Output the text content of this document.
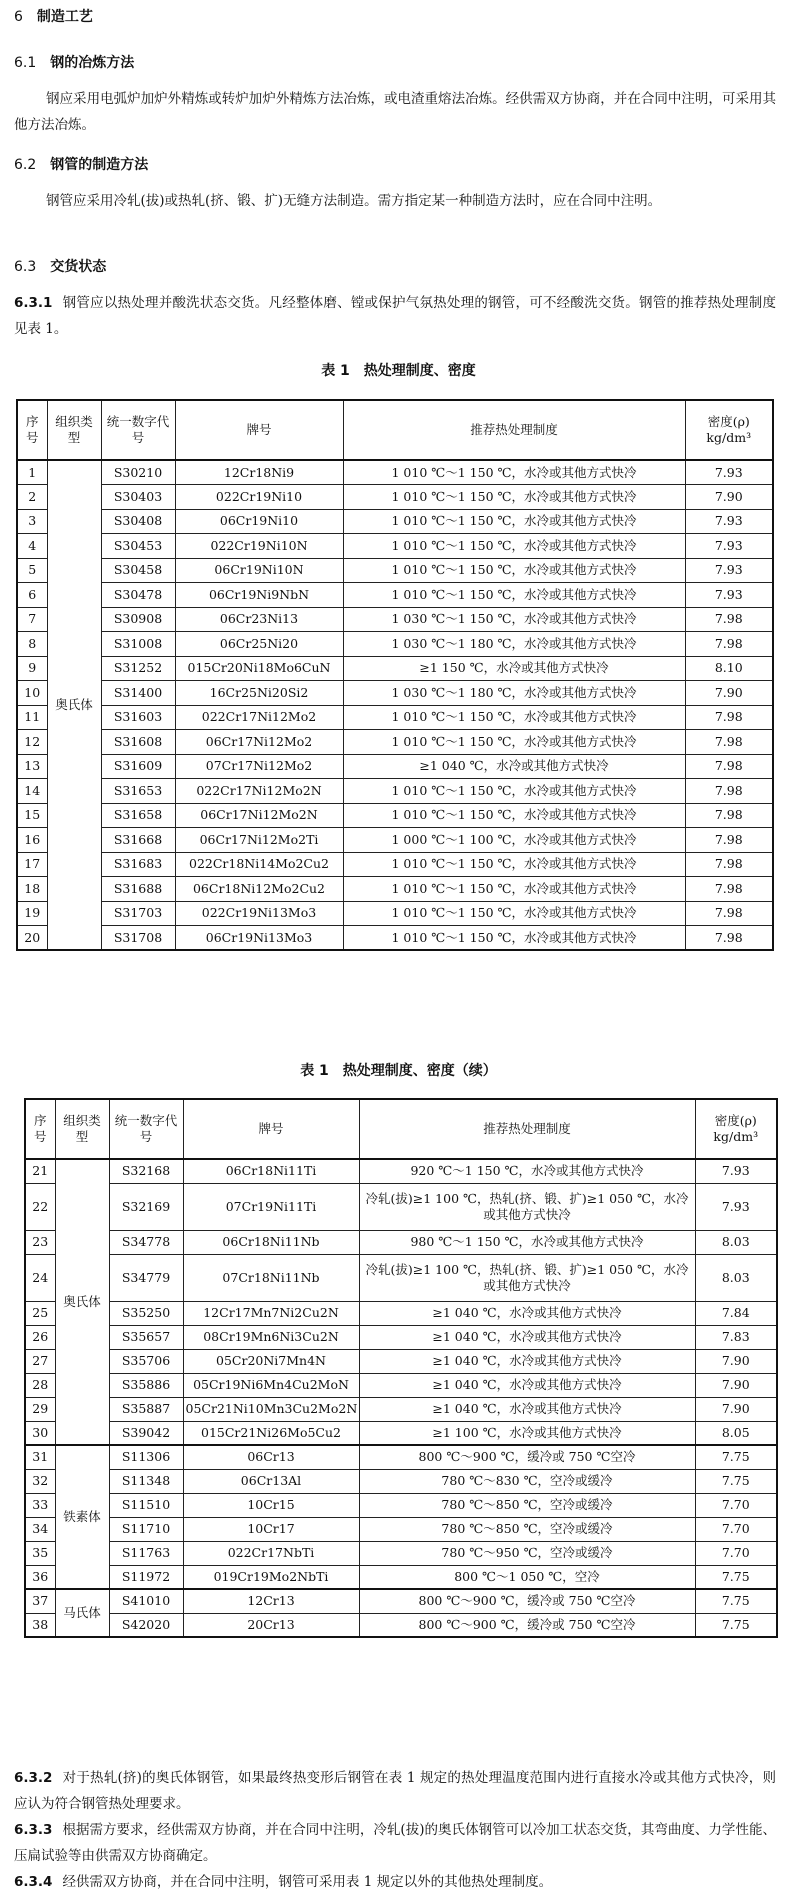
6 制造工艺
6.1 钢的冶炼方法
钢应采用电弧炉加炉外精炼或转炉加炉外精炼方法冶炼，或电渣重熔法冶炼。经供需双方协商，并在合同中注明，可采用其他方法冶炼。
6.2 钢管的制造方法
钢管应采用冷轧(拔)或热轧(挤、锻、扩)无缝方法制造。需方指定某一种制造方法时，应在合同中注明。
6.3 交货状态
6.3.1 钢管应以热处理并酸洗状态交货。凡经整体磨、镗或保护气氛热处理的钢管，可不经酸洗交货。钢管的推荐热处理制度见表 1。
表 1　热处理制度、密度
序号	组织类型	统一数字代号	牌号	推荐热处理制度	密度(ρ)
kg/dm³
1	奥氏体	S30210	12Cr18Ni9	1 010 ℃～1 150 ℃，水冷或其他方式快冷	7.93
2		S30403	022Cr19Ni10	1 010 ℃～1 150 ℃，水冷或其他方式快冷	7.90
3		S30408	06Cr19Ni10	1 010 ℃～1 150 ℃，水冷或其他方式快冷	7.93
4		S30453	022Cr19Ni10N	1 010 ℃～1 150 ℃，水冷或其他方式快冷	7.93
5		S30458	06Cr19Ni10N	1 010 ℃～1 150 ℃，水冷或其他方式快冷	7.93
6		S30478	06Cr19Ni9NbN	1 010 ℃～1 150 ℃，水冷或其他方式快冷	7.93
7		S30908	06Cr23Ni13	1 030 ℃～1 150 ℃，水冷或其他方式快冷	7.98
8		S31008	06Cr25Ni20	1 030 ℃～1 180 ℃，水冷或其他方式快冷	7.98
9		S31252	015Cr20Ni18Mo6CuN	≥1 150 ℃，水冷或其他方式快冷	8.10
10		S31400	16Cr25Ni20Si2	1 030 ℃～1 180 ℃，水冷或其他方式快冷	7.90
11		S31603	022Cr17Ni12Mo2	1 010 ℃～1 150 ℃，水冷或其他方式快冷	7.98
12		S31608	06Cr17Ni12Mo2	1 010 ℃～1 150 ℃，水冷或其他方式快冷	7.98
13		S31609	07Cr17Ni12Mo2	≥1 040 ℃，水冷或其他方式快冷	7.98
14		S31653	022Cr17Ni12Mo2N	1 010 ℃～1 150 ℃，水冷或其他方式快冷	7.98
15		S31658	06Cr17Ni12Mo2N	1 010 ℃～1 150 ℃，水冷或其他方式快冷	7.98
16		S31668	06Cr17Ni12Mo2Ti	1 000 ℃～1 100 ℃，水冷或其他方式快冷	7.98
17		S31683	022Cr18Ni14Mo2Cu2	1 010 ℃～1 150 ℃，水冷或其他方式快冷	7.98
18		S31688	06Cr18Ni12Mo2Cu2	1 010 ℃～1 150 ℃，水冷或其他方式快冷	7.98
19		S31703	022Cr19Ni13Mo3	1 010 ℃～1 150 ℃，水冷或其他方式快冷	7.98
20		S31708	06Cr19Ni13Mo3	1 010 ℃～1 150 ℃，水冷或其他方式快冷	7.98
表 1　热处理制度、密度（续）
序号	组织类型	统一数字代号	牌号	推荐热处理制度	密度(ρ)
kg/dm³
21	奥氏体	S32168	06Cr18Ni11Ti	920 ℃～1 150 ℃，水冷或其他方式快冷	7.93
22		S32169	07Cr19Ni11Ti	冷轧(拔)≥1 100 ℃，热轧(挤、锻、扩)≥1 050 ℃，水冷或其他方式快冷	7.93
23		S34778	06Cr18Ni11Nb	980 ℃～1 150 ℃，水冷或其他方式快冷	8.03
24		S34779	07Cr18Ni11Nb	冷轧(拔)≥1 100 ℃，热轧(挤、锻、扩)≥1 050 ℃，水冷或其他方式快冷	8.03
25		S35250	12Cr17Mn7Ni2Cu2N	≥1 040 ℃，水冷或其他方式快冷	7.84
26		S35657	08Cr19Mn6Ni3Cu2N	≥1 040 ℃，水冷或其他方式快冷	7.83
27		S35706	05Cr20Ni7Mn4N	≥1 040 ℃，水冷或其他方式快冷	7.90
28		S35886	05Cr19Ni6Mn4Cu2MoN	≥1 040 ℃，水冷或其他方式快冷	7.90
29		S35887	05Cr21Ni10Mn3Cu2Mo2N	≥1 040 ℃，水冷或其他方式快冷	7.90
30		S39042	015Cr21Ni26Mo5Cu2	≥1 100 ℃，水冷或其他方式快冷	8.05
31	铁素体	S11306	06Cr13	800 ℃～900 ℃，缓冷或 750 ℃空冷	7.75
32		S11348	06Cr13Al	780 ℃～830 ℃，空冷或缓冷	7.75
33		S11510	10Cr15	780 ℃～850 ℃，空冷或缓冷	7.70
34		S11710	10Cr17	780 ℃～850 ℃，空冷或缓冷	7.70
35		S11763	022Cr17NbTi	780 ℃～950 ℃，空冷或缓冷	7.70
36		S11972	019Cr19Mo2NbTi	800 ℃～1 050 ℃，空冷	7.75
37	马氏体	S41010	12Cr13	800 ℃～900 ℃，缓冷或 750 ℃空冷	7.75
38		S42020	20Cr13	800 ℃～900 ℃，缓冷或 750 ℃空冷	7.75
6.3.2 对于热轧(挤)的奥氏体钢管，如果最终热变形后钢管在表 1 规定的热处理温度范围内进行直接水冷或其他方式快冷，则应认为符合钢管热处理要求。
6.3.3 根据需方要求，经供需双方协商，并在合同中注明，冷轧(拔)的奥氏体钢管可以冷加工状态交货，其弯曲度、力学性能、压扁试验等由供需双方协商确定。
6.3.4 经供需双方协商，并在合同中注明，钢管可采用表 1 规定以外的其他热处理制度。
